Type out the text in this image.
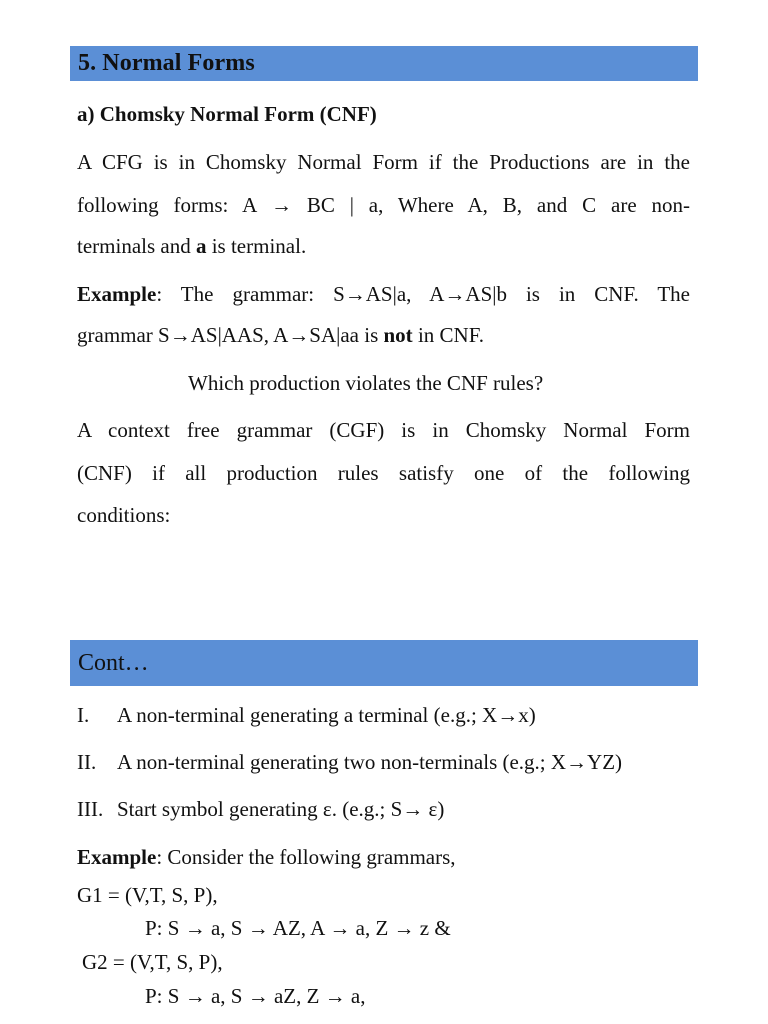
5. Normal Forms
a) Chomsky Normal Form (CNF)
A CFG is in Chomsky Normal Form if the Productions are in the
following forms: A → BC | a, Where A, B, and C are non-
terminals and a is terminal.
Example: The grammar: S→AS|a, A→AS|b is in CNF. The
grammar S→AS|AAS, A→SA|aa is not in CNF.
Which production violates the CNF rules?
A context free grammar (CGF) is in Chomsky Normal Form
(CNF) if all production rules satisfy one of the following
conditions:
Cont…
I. A non-terminal generating a terminal (e.g.; X→x)
II. A non-terminal generating two non-terminals (e.g.; X→YZ)
III. Start symbol generating ε. (e.g.; S→ ε)
Example: Consider the following grammars,
G1 = (V,T, S, P),
P: S → a, S → AZ, A → a, Z → z &
G2 = (V,T, S, P),
P: S → a, S → aZ, Z → a,
